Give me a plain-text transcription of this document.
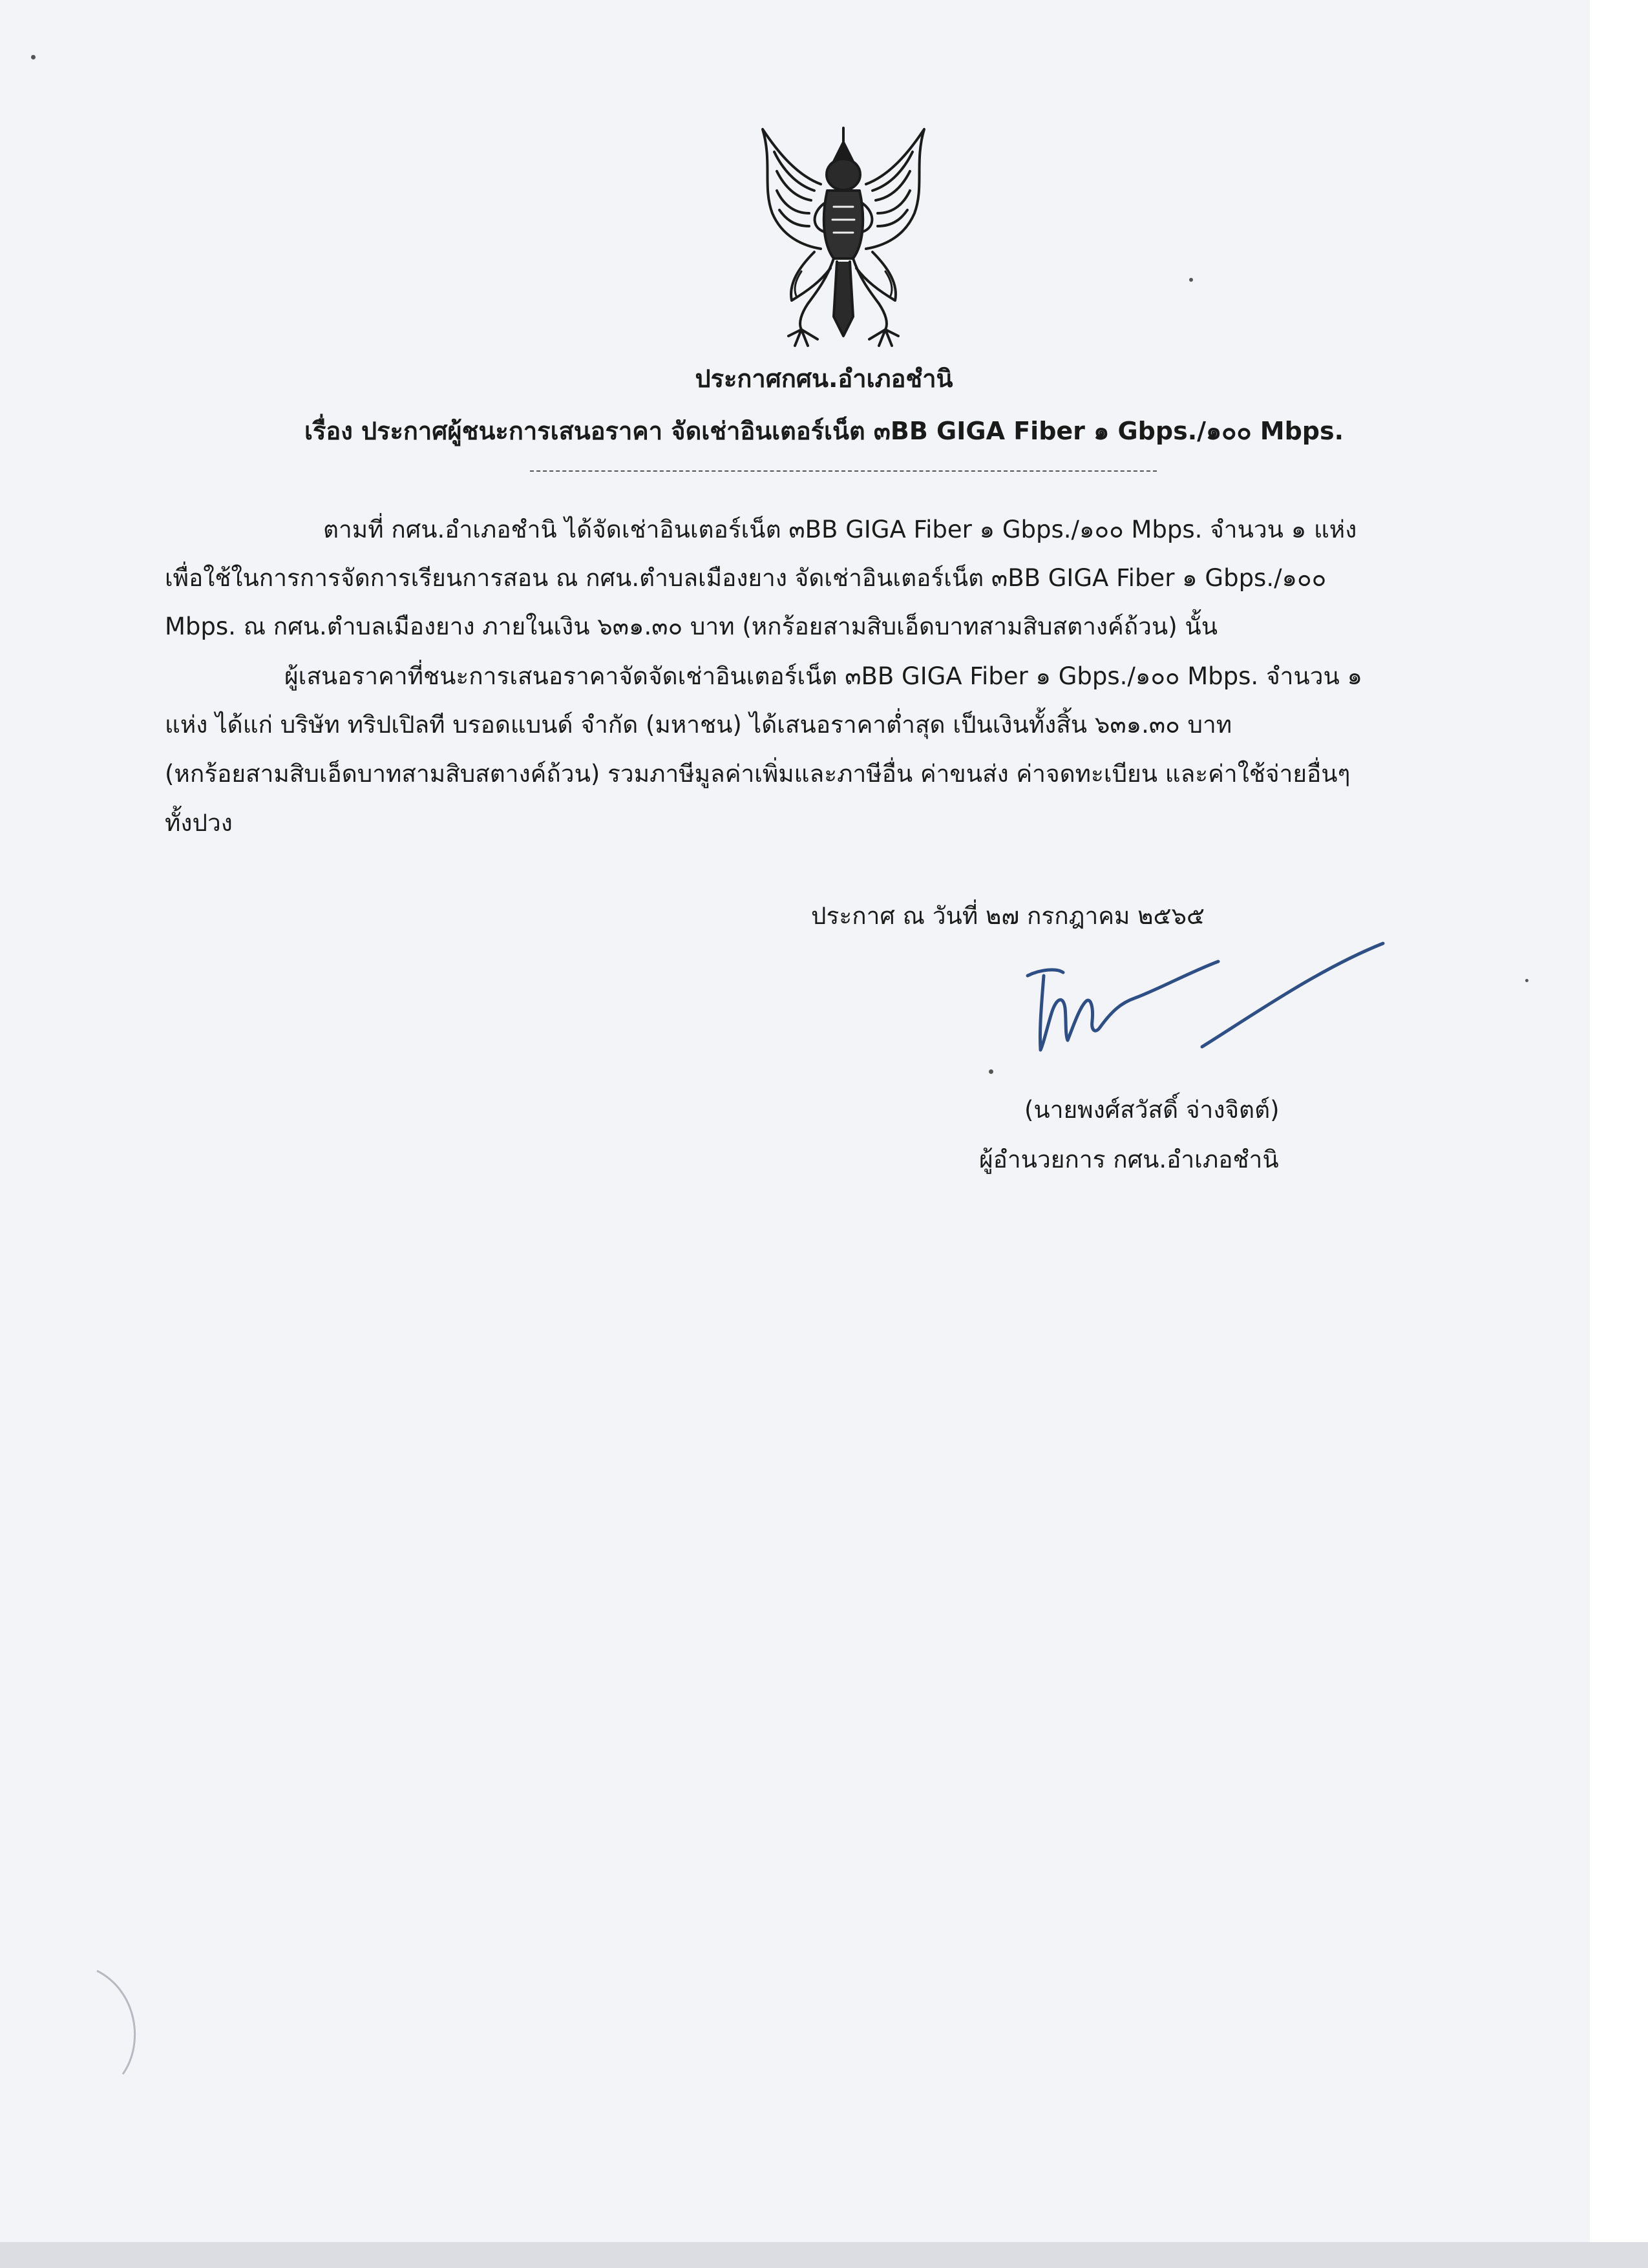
ประกาศกศน.อำเภอชำนิ
เรื่อง ประกาศผู้ชนะการเสนอราคา จัดเช่าอินเตอร์เน็ต ๓BB GIGA Fiber ๑ Gbps./๑๐๐ Mbps.
ตามที่ กศน.อำเภอชำนิ ได้จัดเช่าอินเตอร์เน็ต ๓BB GIGA Fiber ๑ Gbps./๑๐๐ Mbps. จำนวน ๑ แห่ง
เพื่อใช้ในการการจัดการเรียนการสอน ณ กศน.ตำบลเมืองยาง จัดเช่าอินเตอร์เน็ต ๓BB GIGA Fiber ๑ Gbps./๑๐๐
Mbps. ณ กศน.ตำบลเมืองยาง ภายในเงิน ๖๓๑.๓๐ บาท (หกร้อยสามสิบเอ็ดบาทสามสิบสตางค์ถ้วน) นั้น
ผู้เสนอราคาที่ชนะการเสนอราคาจัดจัดเช่าอินเตอร์เน็ต ๓BB GIGA Fiber ๑ Gbps./๑๐๐ Mbps. จำนวน ๑
แห่ง ได้แก่ บริษัท ทริปเปิลที บรอดแบนด์ จำกัด (มหาชน) ได้เสนอราคาต่ำสุด เป็นเงินทั้งสิ้น ๖๓๑.๓๐ บาท
(หกร้อยสามสิบเอ็ดบาทสามสิบสตางค์ถ้วน) รวมภาษีมูลค่าเพิ่มและภาษีอื่น ค่าขนส่ง ค่าจดทะเบียน และค่าใช้จ่ายอื่นๆ
ทั้งปวง
ประกาศ ณ วันที่ ๒๗ กรกฎาคม ๒๕๖๕
(นายพงศ์สวัสดิ์ จ่างจิตต์)
ผู้อำนวยการ กศน.อำเภอชำนิ
